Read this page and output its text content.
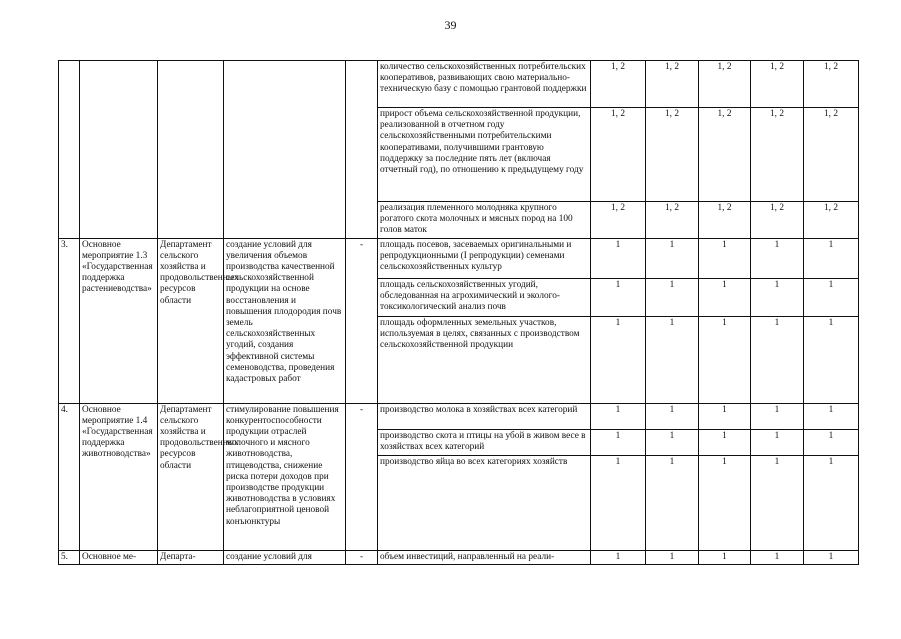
39
					количество сельскохозяйственных потребительских кооперативов, развивающих свою материально-техническую базу с помощью грантовой поддержки	1, 2	1, 2	1, 2	1, 2	1, 2
					прирост объема сельскохозяйственной продукции, реализованной в отчетном году сельскохозяйственными потребительскими кооперативами, получившими грантовую поддержку за последние пять лет (включая отчетный год), по отношению к предыдущему году	1, 2	1, 2	1, 2	1, 2	1, 2
					реализация племенного молодняка крупного рогатого скота молочных и мясных пород на 100 голов маток	1, 2	1, 2	1, 2	1, 2	1, 2
3.	Основное мероприятие 1.3 «Государственная поддержка растениеводства»	Департамент сельского хозяйства и продовольственных ресурсов области	создание условий для увеличения объемов производства качественной сельскохозяйственной продукции на основе восстановления и повышения плодородия почв земель сельскохозяйственных угодий, создания эффективной системы семеноводства, проведения кадастровых работ	-	площадь посевов, засеваемых оригинальными и репродукционными (I репродукции) семенами сельскохозяйственных культур	1	1	1	1	1
					площадь сельскохозяйственных угодий, обследованная на агрохимический и эколого-токсикологический анализ почв	1	1	1	1	1
					площадь оформленных земельных участков, используемая в целях, связанных с производством сельскохозяйственной продукции	1	1	1	1	1
4.	Основное мероприятие 1.4 «Государственная поддержка животноводства»	Департамент сельского хозяйства и продовольственных ресурсов области	стимулирование повышения конкурентоспособности продукции отраслей молочного и мясного животноводства, птицеводства, снижение риска потери доходов при производстве продукции животноводства в условиях неблагоприятной ценовой конъюнктуры	-	производство молока в хозяйствах всех категорий	1	1	1	1	1
					производство скота и птицы на убой в живом весе в хозяйствах всех категорий	1	1	1	1	1
					производство яйца во всех категориях хозяйств	1	1	1	1	1
5.	Основное ме-	Департа-	создание условий для	-	объем инвестиций, направленный на реали-	1	1	1	1	1
